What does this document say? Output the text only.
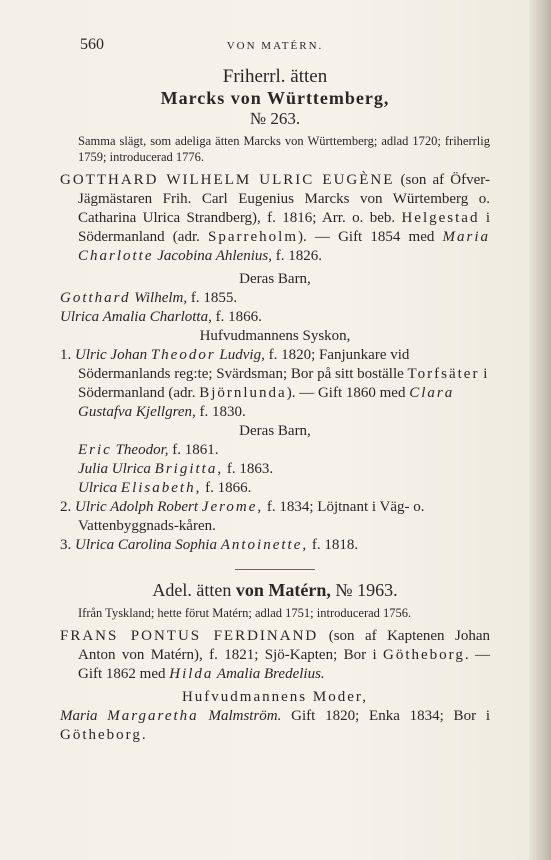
560	VON MATÉRN.
Friherrl. ätten
Marcks von Württemberg,
№ 263.
Samma slägt, som adeliga ätten Marcks von Württemberg; adlad 1720; friherrlig 1759; introducerad 1776.
GOTTHARD WILHELM ULRIC EUGÈNE (son af Öfver-Jägmästaren Frih. Carl Eugenius Marcks von Würtemberg o. Catharina Ulrica Strandberg), f. 1816; Arr. o. beb. Helgestad i Södermanland (adr. Sparreholm). — Gift 1854 med Maria Charlotte Jacobina Ahlenius, f. 1826.
Deras Barn,
Gotthard Wilhelm, f. 1855.
Ulrica Amalia Charlotta, f. 1866.
Hufvudmannens Syskon,
1. Ulric Johan Theodor Ludvig, f. 1820; Fanjunkare vid Södermanlands reg:te; Svärdsman; Bor på sitt boställe Torfsäter i Södermanland (adr. Björnlunda). — Gift 1860 med Clara Gustafva Kjellgren, f. 1830.
Deras Barn,
Eric Theodor, f. 1861.
Julia Ulrica Brigitta, f. 1863.
Ulrica Elisabeth, f. 1866.
2. Ulric Adolph Robert Jerome, f. 1834; Löjtnant i Väg- o. Vattenbyggnads-kåren.
3. Ulrica Carolina Sophia Antoinette, f. 1818.
Adel. ätten von Matérn, № 1963.
Ifrån Tyskland; hette förut Matérn; adlad 1751; introducerad 1756.
FRANS PONTUS FERDINAND (son af Kaptenen Johan Anton von Matérn), f. 1821; Sjö-Kapten; Bor i Götheborg. — Gift 1862 med Hilda Amalia Bredelius.
Hufvudmannens Moder,
Maria Margaretha Malmström. Gift 1820; Enka 1834; Bor i Götheborg.
